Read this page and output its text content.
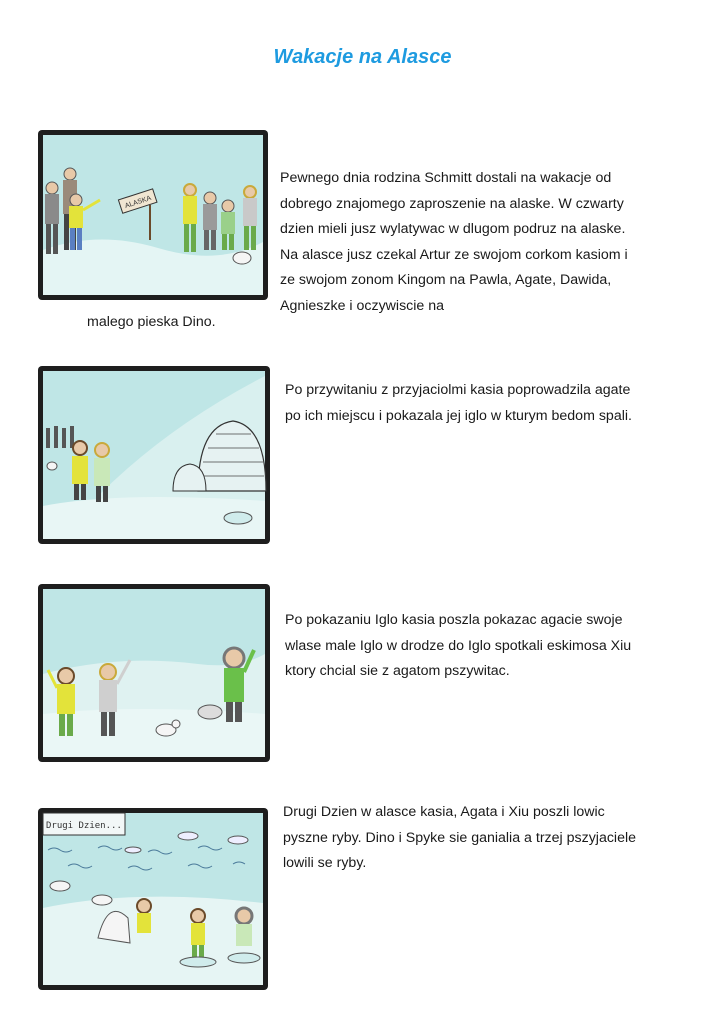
Wakacje na Alasce
ALASKA

Pewnego dnia rodzina Schmitt dostali na wakacje od dobrego znajomego zaproszenie na alaske. W czwarty dzien mieli jusz wylatywac w dlugom podruz na alaske. Na alasce jusz czekal Artur ze swojom corkom kasiom i ze swojom zonom Kingom na Pawla, Agate, Dawida, Agnieszke i oczywiscie na

malego pieska Dino.

Po przywitaniu z przyjaciolmi kasia poprowadzila agate po ich miejscu i pokazala jej iglo w kturym bedom spali.

Po pokazaniu Iglo kasia poszla pokazac agacie swoje wlase male Iglo w drodze do Iglo spotkali eskimosa Xiu ktory chcial sie z agatom pszywitac.

Drugi Dzien...

Drugi Dzien w alasce kasia, Agata i Xiu poszli lowic pyszne ryby. Dino i Spyke sie ganialia a trzej pszyjaciele lowili se ryby.
